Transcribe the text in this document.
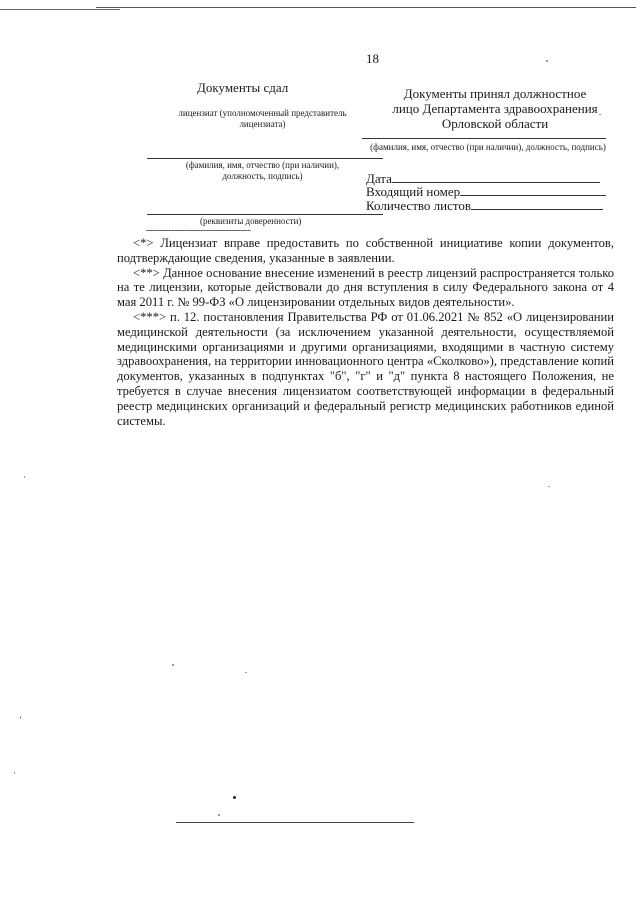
18
Документы сдал
лицензиат (уполномоченный представитель лицензиата)
(фамилия, имя, отчество (при наличии), должность, подпись)
(реквизиты доверенности)
Документы принял должностное лицо Департамента здравоохранения Орловской области
(фамилия, имя, отчество (при наличии), должность, подпись)
Дата
Входящий номер
Количество листов
---------------------------------

<*> Лицензиат вправе предоставить по собственной инициативе копии документов, подтверждающие сведения, указанные в заявлении.

<**> Данное основание внесение изменений в реестр лицензий распространяется только на те лицензии, которые действовали до дня вступления в силу Федерального закона от 4 мая 2011 г. № 99-ФЗ «О лицензировании отдельных видов деятельности».

<***> п. 12. постановления Правительства РФ от 01.06.2021 № 852 «О лицензировании медицинской деятельности (за исключением указанной деятельности, осуществляемой медицинскими организациями и другими организациями, входящими в частную систему здравоохранения, на территории инновационного центра «Сколково»), представление копий документов, указанных в подпунктах "б", "г" и "д" пункта 8 настоящего Положения, не требуется в случае внесения лицензиатом соответствующей информации в федеральный реестр медицинских организаций и федеральный регистр медицинских работников единой системы.
